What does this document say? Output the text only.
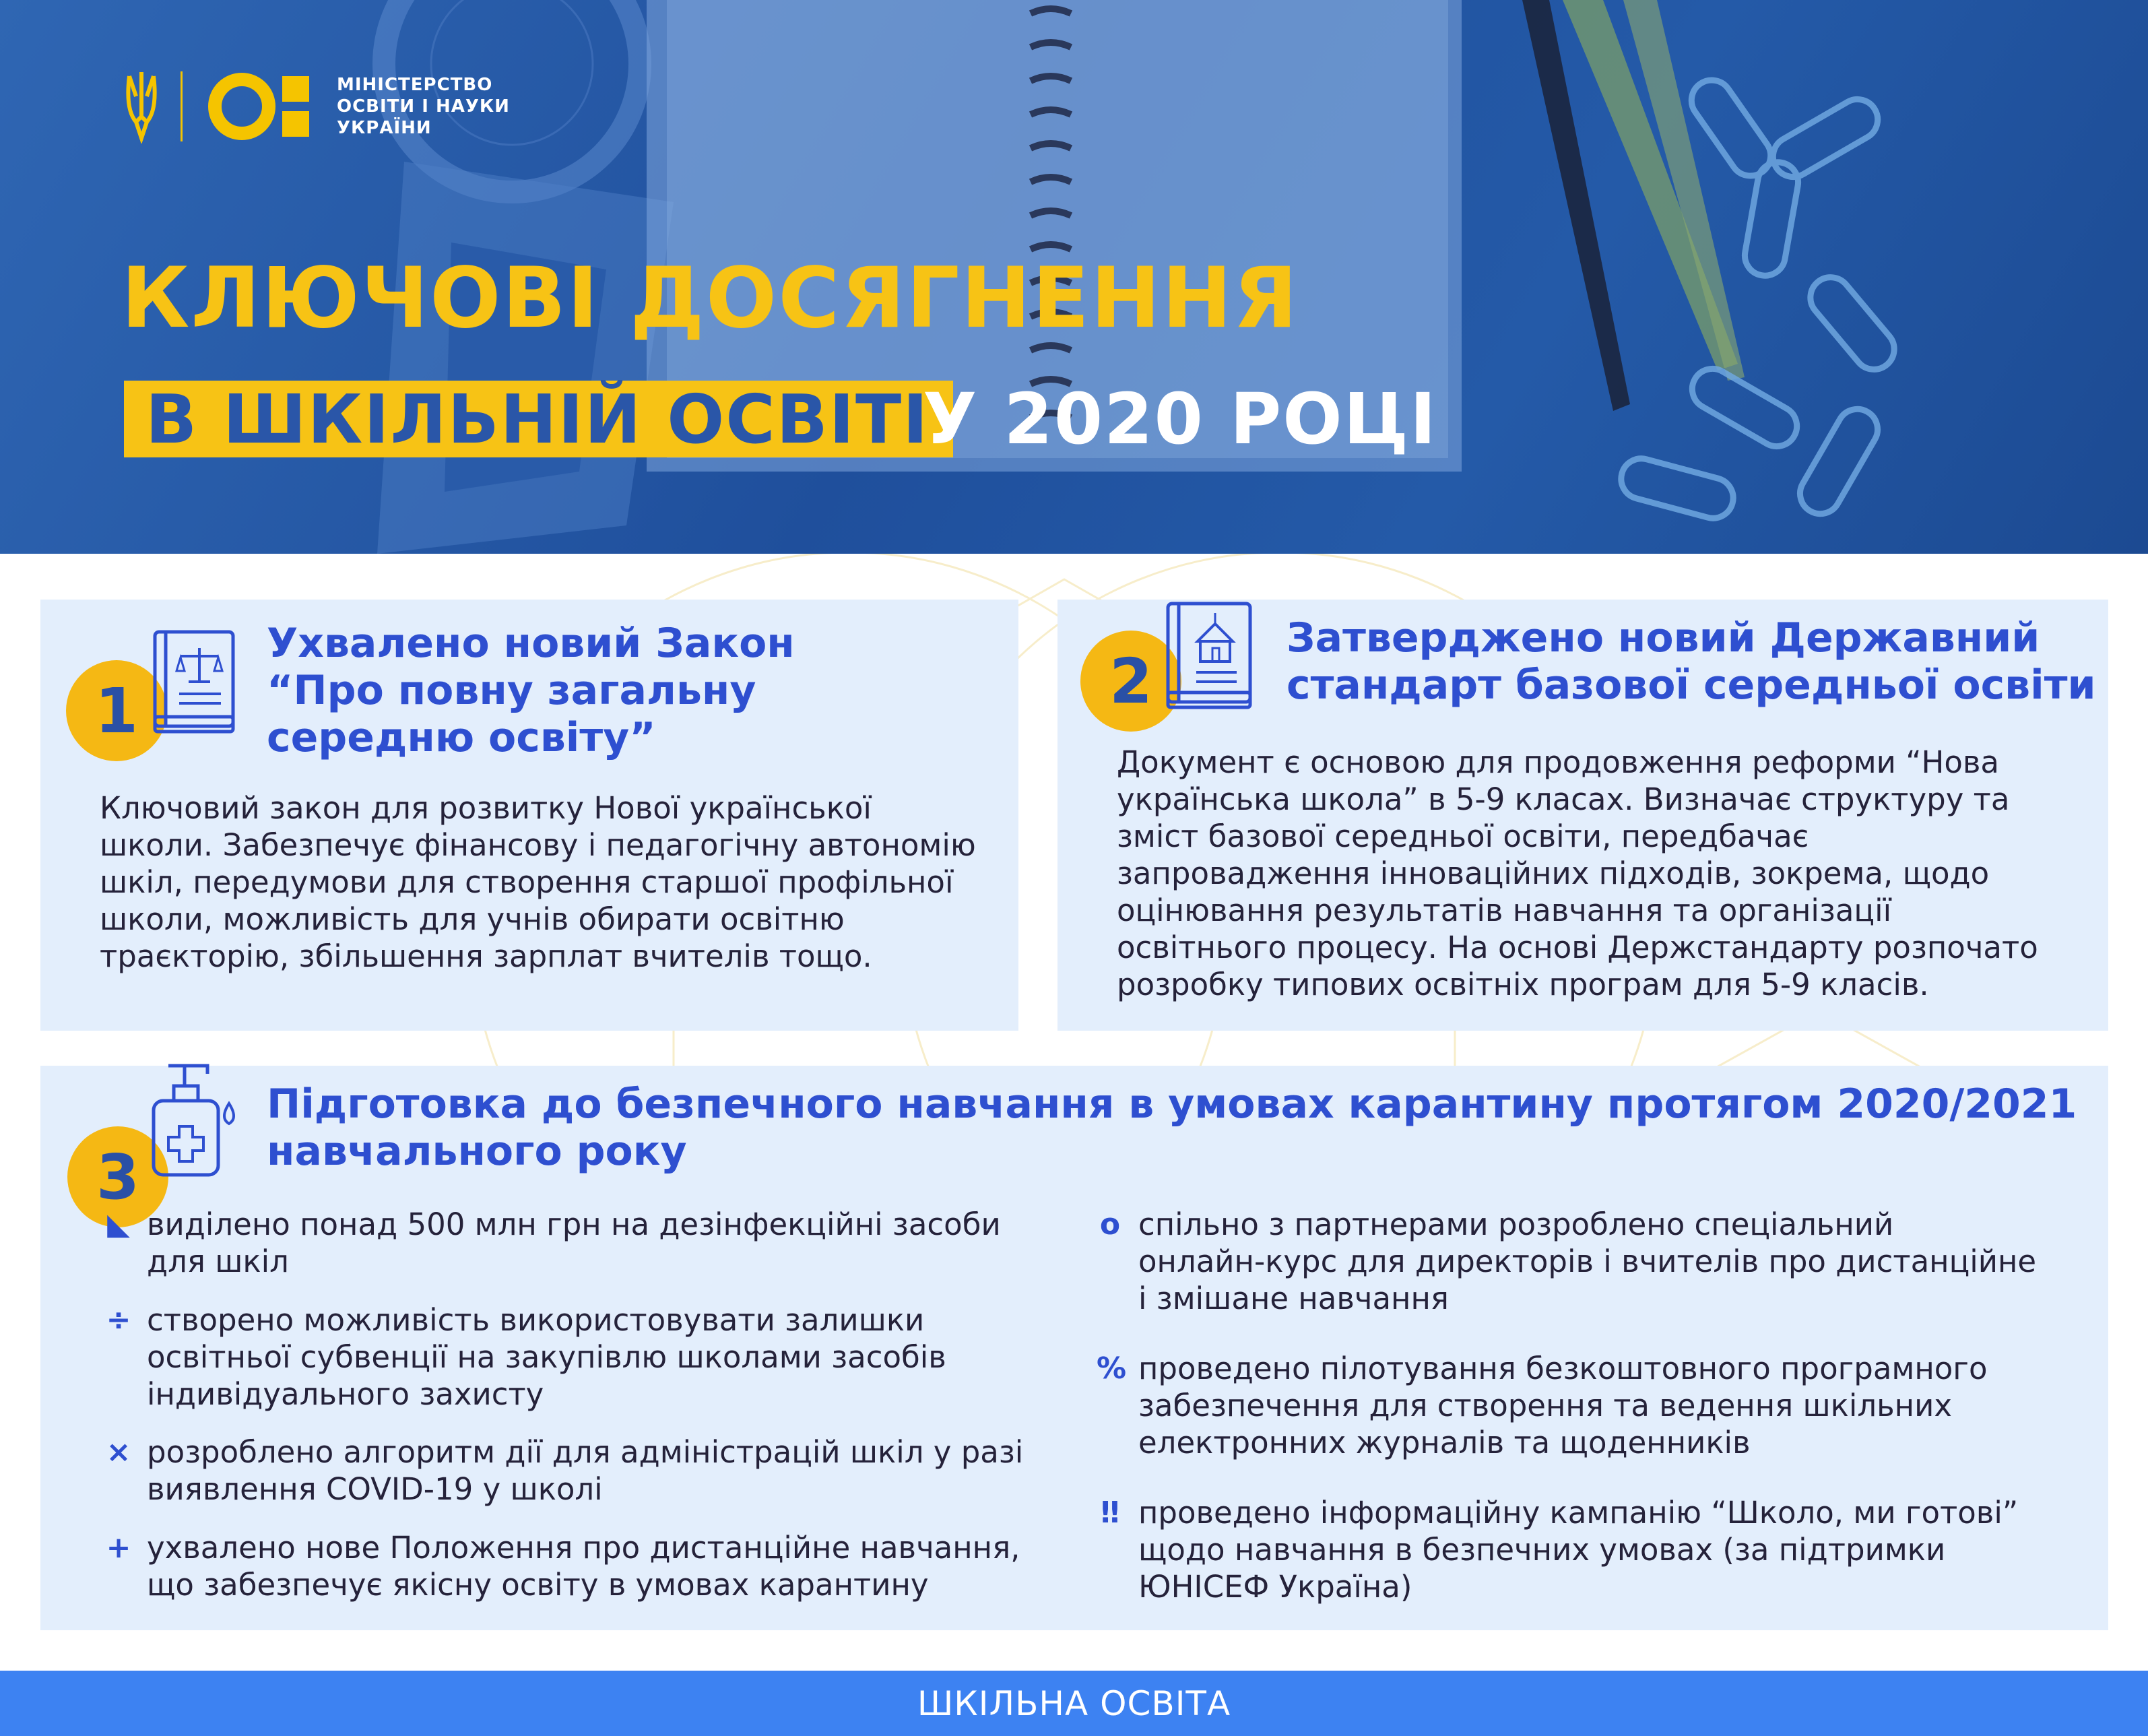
МІНІСТЕРСТВО
ОСВІТИ І НАУКИ
УКРАЇНИ
КЛЮЧОВІ ДОСЯГНЕННЯ
В ШКІЛЬНІЙ ОСВІТІ
У 2020 РОЦІ
1
Ухвалено новий Закон
“Про повну загальну
середню освіту”
Ключовий закон для розвитку Нової української
школи. Забезпечує фінансову і педагогічну автономію
шкіл, передумови для створення старшої профільної
школи, можливість для учнів обирати освітню
траєкторію, збільшення зарплат вчителів тощо.
2
Затверджено новий Державний
стандарт базової середньої освіти
Документ є основою для продовження реформи “Нова
українська школа” в 5-9 класах. Визначає структуру та
зміст базової середньої освіти, передбачає
запровадження інноваційних підходів, зокрема, щодо
оцінювання результатів навчання та організації
освітнього процесу. На основі Держстандарту розпочато
розробку типових освітніх програм для 5-9 класів.
3
Підготовка до безпечного навчання в умовах карантину протягом 2020/2021
навчального року
◣ виділено понад 500 млн грн на дезінфекційні засоби
для шкіл
÷ створено можливість використовувати залишки
освітньої субвенції на закупівлю школами засобів
індивідуального захисту
× розроблено алгоритм дії для адміністрацій шкіл у разі
виявлення COVID-19 у школі
+ ухвалено нове Положення про дистанційне навчання,
що забезпечує якісну освіту в умовах карантину
o спільно з партнерами розроблено спеціальний
онлайн-курс для директорів і вчителів про дистанційне
і змішане навчання
% проведено пілотування безкоштовного програмного
забезпечення для створення та ведення шкільних
електронних журналів та щоденників
‼ проведено інформаційну кампанію “Школо, ми готові”
щодо навчання в безпечних умовах (за підтримки
ЮНІСЕФ Україна)
ШКІЛЬНА ОСВІТА
